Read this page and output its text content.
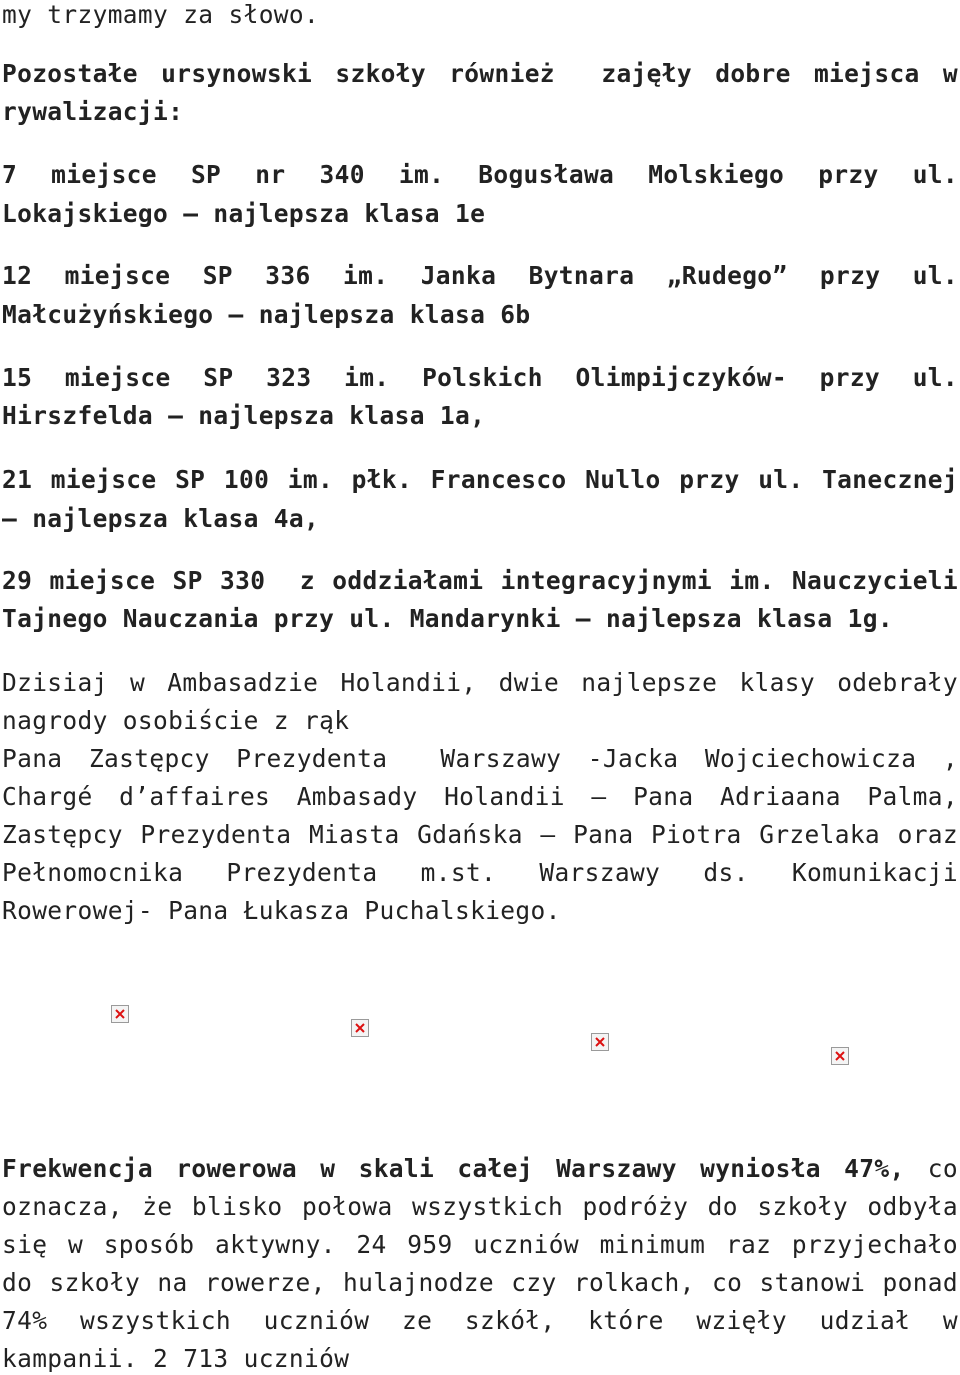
my trzymamy za słowo.
Pozostałe ursynowski szkoły również  zajęły dobre miejsca w
rywalizacji:
7 miejsce SP nr 340 im. Bogusława Molskiego przy ul.
Lokajskiego – najlepsza klasa 1e
12 miejsce SP 336 im. Janka Bytnara „Rudego” przy ul.
Małcużyńskiego – najlepsza klasa 6b
15 miejsce SP 323 im. Polskich Olimpijczyków- przy ul.
Hirszfelda – najlepsza klasa 1a,
21 miejsce SP 100 im. płk. Francesco Nullo przy ul. Tanecznej
– najlepsza klasa 4a,
29 miejsce SP 330  z oddziałami integracyjnymi im. Nauczycieli
Tajnego Nauczania przy ul. Mandarynki – najlepsza klasa 1g.
Dzisiaj w Ambasadzie Holandii, dwie najlepsze klasy odebrały
nagrody osobiście z rąk
Pana Zastępcy Prezydenta  Warszawy -Jacka Wojciechowicza ,
Chargé d’affaires Ambasady Holandii – Pana Adriaana Palma,
Zastępcy Prezydenta Miasta Gdańska – Pana Piotra Grzelaka oraz
Pełnomocnika Prezydenta m.st. Warszawy ds. Komunikacji
Rowerowej- Pana Łukasza Puchalskiego.
Frekwencja rowerowa w skali całej Warszawy wyniosła 47%, co
oznacza, że blisko połowa wszystkich podróży do szkoły odbyła
się w sposób aktywny. 24 959 uczniów minimum raz przyjechało
do szkoły na rowerze, hulajnodze czy rolkach, co stanowi ponad
74% wszystkich uczniów ze szkół, które wzięły udział w
kampanii. 2 713 uczniów
